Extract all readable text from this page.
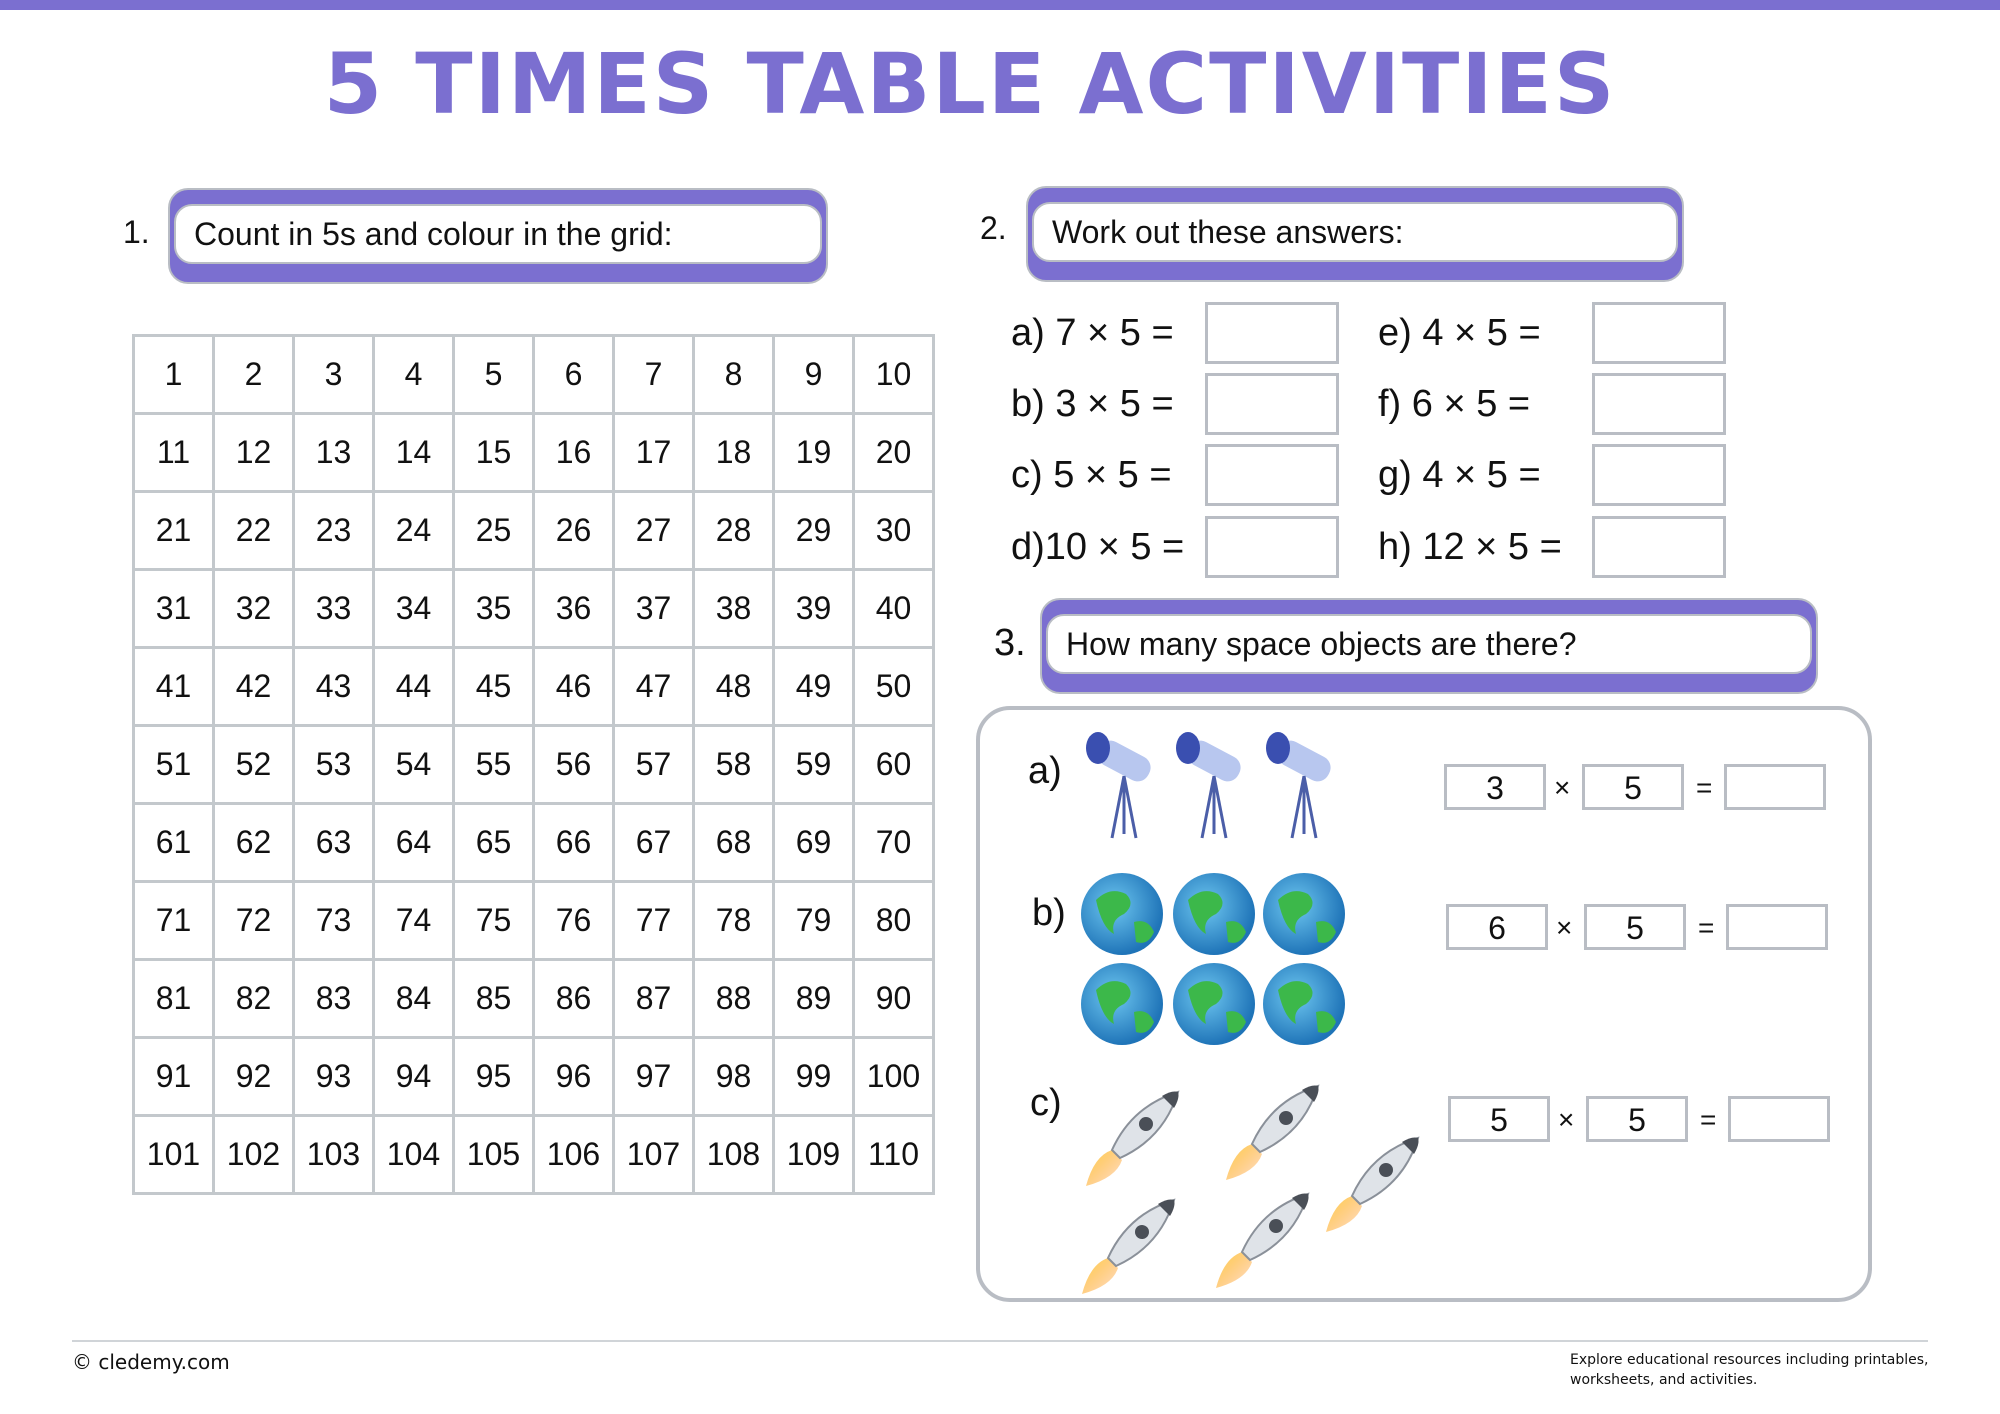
5 TIMES TABLE ACTIVITIES
1.	Count in 5s and colour in the grid:
1	2	3	4	5	6	7	8	9	10
11	12	13	14	15	16	17	18	19	20
21	22	23	24	25	26	27	28	29	30
31	32	33	34	35	36	37	38	39	40
41	42	43	44	45	46	47	48	49	50
51	52	53	54	55	56	57	58	59	60
61	62	63	64	65	66	67	68	69	70
71	72	73	74	75	76	77	78	79	80
81	82	83	84	85	86	87	88	89	90
91	92	93	94	95	96	97	98	99	100
101	102	103	104	105	106	107	108	109	110
2.	Work out these answers:
a) 7 × 5 =
b) 3 × 5 =
c) 5 × 5 =
d)10 × 5 =
e) 4 × 5 =
f) 6 × 5 =
g) 4 × 5 =
h) 12 × 5 =
3.	How many space objects are there?
a)	3	×	5	=
b)	6	×	5	=
c)	5	×	5	=
© cledemy.com	Explore educational resources including printables, worksheets, and activities.
